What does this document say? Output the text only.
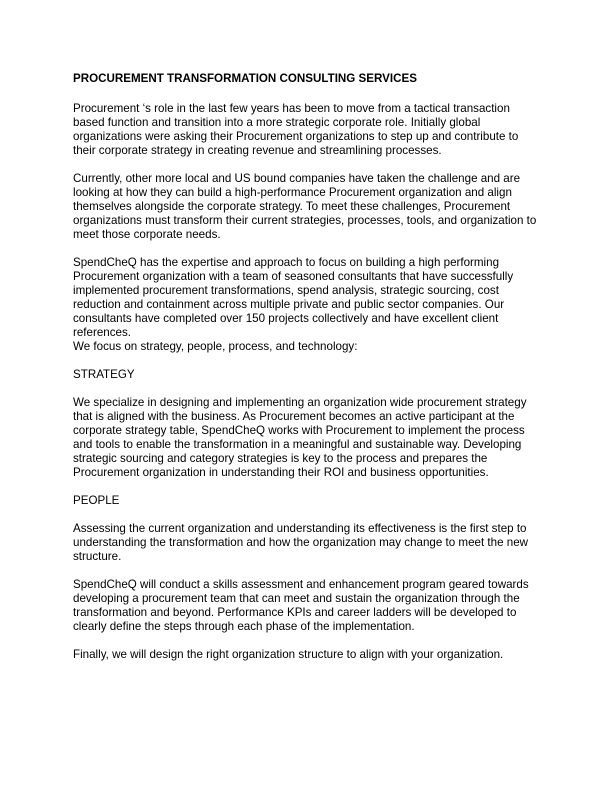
PROCUREMENT TRANSFORMATION CONSULTING SERVICES

Procurement ‘s role in the last few years has been to move from a tactical transaction based function and transition into a more strategic corporate role. Initially global organizations were asking their Procurement organizations to step up and contribute to their corporate strategy in creating revenue and streamlining processes.

Currently, other more local and US bound companies have taken the challenge and are looking at how they can build a high-performance Procurement organization and align themselves alongside the corporate strategy. To meet these challenges, Procurement organizations must transform their current strategies, processes, tools, and organization to meet those corporate needs.

SpendCheQ has the expertise and approach to focus on building a high performing Procurement organization with a team of seasoned consultants that have successfully implemented procurement transformations, spend analysis, strategic sourcing, cost reduction and containment across multiple private and public sector companies. Our consultants have completed over 150 projects collectively and have excellent client references.

We focus on strategy, people, process, and technology:

STRATEGY

We specialize in designing and implementing an organization wide procurement strategy that is aligned with the business. As Procurement becomes an active participant at the corporate strategy table, SpendCheQ works with Procurement to implement the process and tools to enable the transformation in a meaningful and sustainable way. Developing strategic sourcing and category strategies is key to the process and prepares the Procurement organization in understanding their ROI and business opportunities.

PEOPLE

Assessing the current organization and understanding its effectiveness is the first step to understanding the transformation and how the organization may change to meet the new structure.

SpendCheQ will conduct a skills assessment and enhancement program geared towards developing a procurement team that can meet and sustain the organization through the transformation and beyond. Performance KPIs and career ladders will be developed to clearly define the steps through each phase of the implementation.

Finally, we will design the right organization structure to align with your organization.
